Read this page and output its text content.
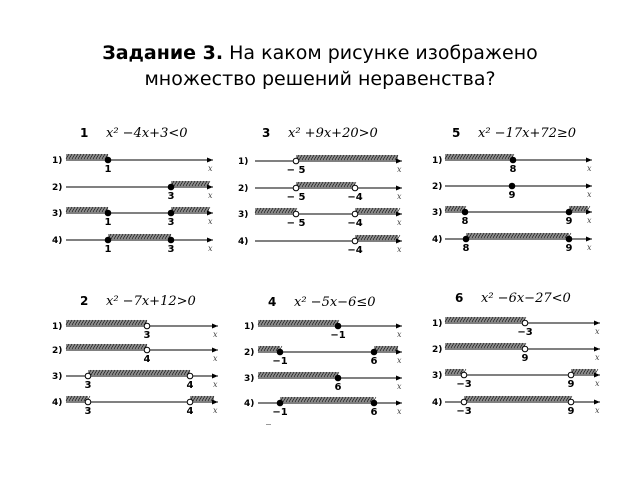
Задание 3. На каком рисунке изображено
множество решений неравенства?
1 x² −4x+3<0
1)
x
1
2)
x
3
3)
x
1	3
4)
x
1	3
3 x² +9x+20>0
1)
x
− 5
2)
x
− 5	−4
3)
x
− 5	−4
4)
x
−4
5 x² −17x+72≥0
1)
x
8
2)
x
9
3)
x
8	9
4)
x
8	9
2 x² −7x+12>0
1)
x
3
2)
x
4
3)
x
3	4
4)
x
3	4
4 x² −5x−6≤0
1)
x
−1
2)
x
−1	6
3)
x
6
4)
x
−1	6
6 x² −6x−27<0
1)
x
−3
2)
x
9
3)
x
−3	9
4)
x
−3	9
